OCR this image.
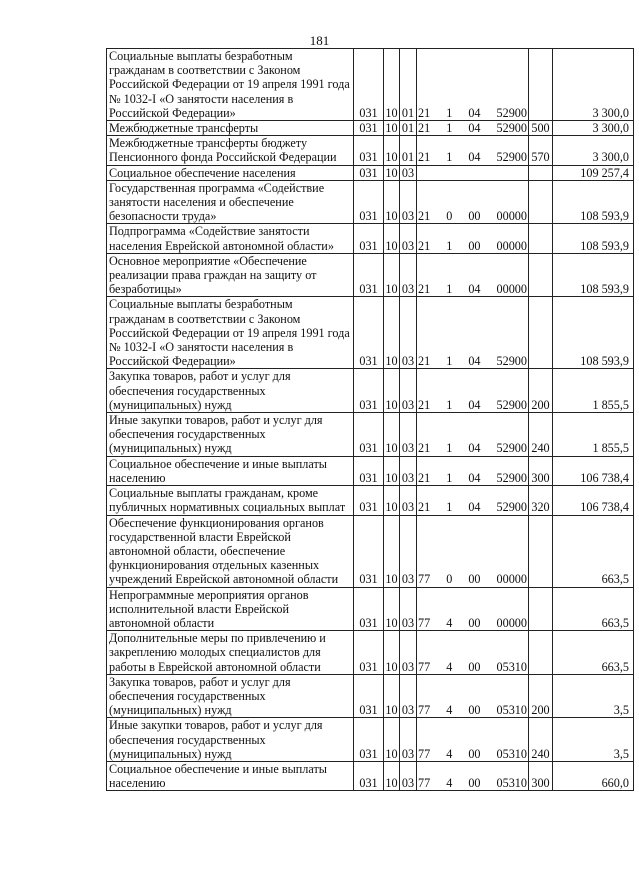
181
Социальные выплаты безработным гражданам в соответствии с Законом Российской Федерации от 19 апреля 1991 года № 1032-I «О занятости населения в Российской Федерации»	031	10	01	21 1 04 52900		3 300,0
Межбюджетные трансферты	031	10	01	21 1 04 52900	500	3 300,0
Межбюджетные трансферты бюджету Пенсионного фонда Российской Федерации	031	10	01	21 1 04 52900	570	3 300,0
Социальное обеспечение населения	031	10	03			109 257,4
Государственная программа «Содействие занятости населения и обеспечение безопасности труда»	031	10	03	21 0 00 00000		108 593,9
Подпрограмма «Содействие занятости населения Еврейской автономной области»	031	10	03	21 1 00 00000		108 593,9
Основное мероприятие «Обеспечение реализации права граждан на защиту от безработицы»	031	10	03	21 1 04 00000		108 593,9
Социальные выплаты безработным гражданам в соответствии с Законом Российской Федерации от 19 апреля 1991 года № 1032-I «О занятости населения в Российской Федерации»	031	10	03	21 1 04 52900		108 593,9
Закупка товаров, работ и услуг для обеспечения государственных (муниципальных) нужд	031	10	03	21 1 04 52900	200	1 855,5
Иные закупки товаров, работ и услуг для обеспечения государственных (муниципальных) нужд	031	10	03	21 1 04 52900	240	1 855,5
Социальное обеспечение и иные выплаты населению	031	10	03	21 1 04 52900	300	106 738,4
Социальные выплаты гражданам, кроме публичных нормативных социальных выплат	031	10	03	21 1 04 52900	320	106 738,4
Обеспечение функционирования органов государственной власти Еврейской автономной области, обеспечение функционирования отдельных казенных учреждений Еврейской автономной области	031	10	03	77 0 00 00000		663,5
Непрограммные мероприятия органов исполнительной власти Еврейской автономной области	031	10	03	77 4 00 00000		663,5
Дополнительные меры по привлечению и закреплению молодых специалистов для работы в Еврейской автономной области	031	10	03	77 4 00 05310		663,5
Закупка товаров, работ и услуг для обеспечения государственных (муниципальных) нужд	031	10	03	77 4 00 05310	200	3,5
Иные закупки товаров, работ и услуг для обеспечения государственных (муниципальных) нужд	031	10	03	77 4 00 05310	240	3,5
Социальное обеспечение и иные выплаты населению	031	10	03	77 4 00 05310	300	660,0
